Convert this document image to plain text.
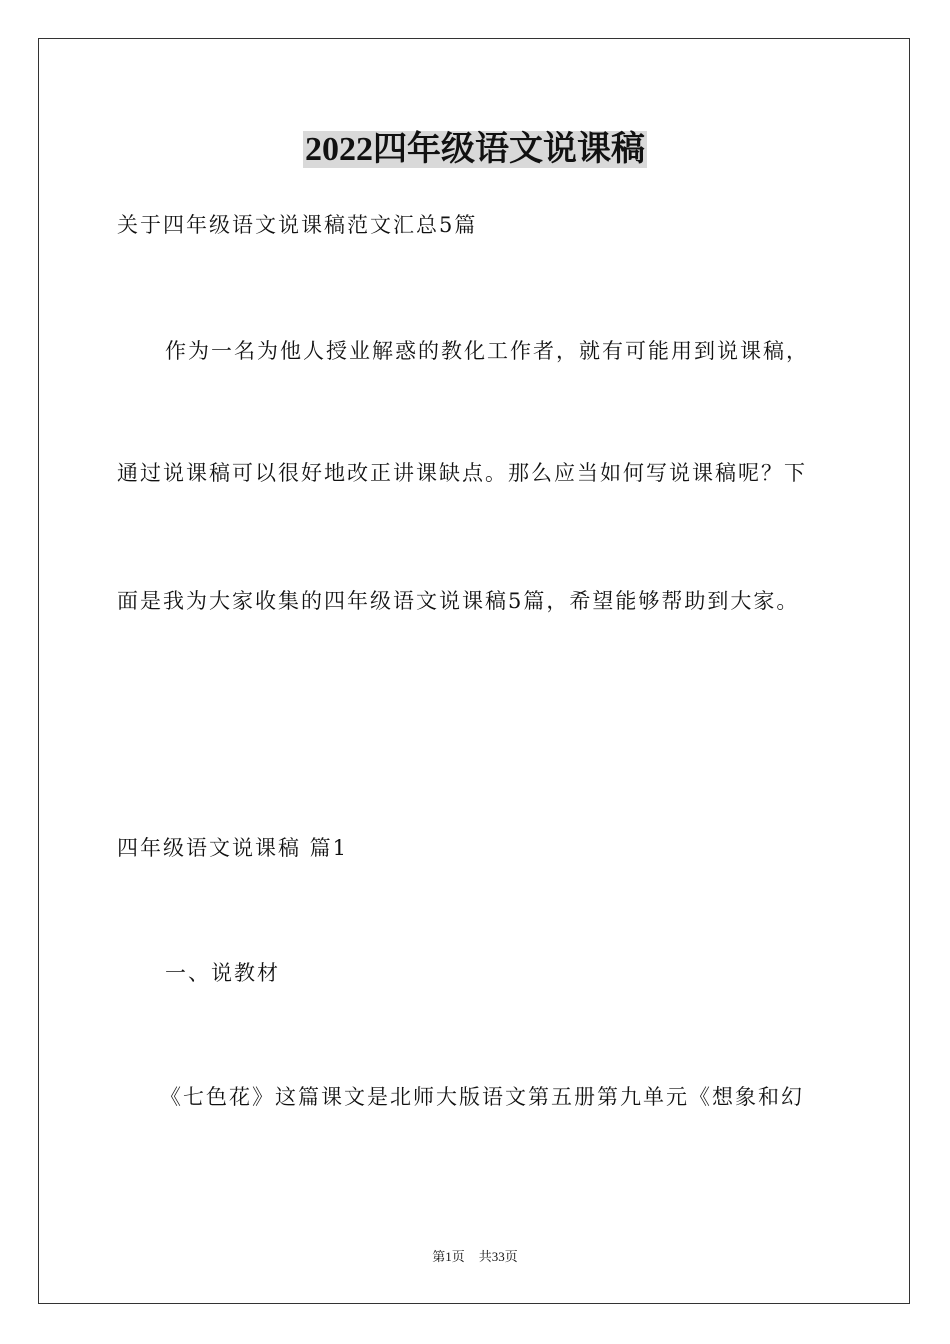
2022四年级语文说课稿
关于四年级语文说课稿范文汇总5篇
作为一名为他人授业解惑的教化工作者，就有可能用到说课稿，
通过说课稿可以很好地改正讲课缺点。那么应当如何写说课稿呢？下
面是我为大家收集的四年级语文说课稿5篇，希望能够帮助到大家。
四年级语文说课稿 篇1
一、说教材
《七色花》这篇课文是北师大版语文第五册第九单元《想象和幻
第1页 共33页
